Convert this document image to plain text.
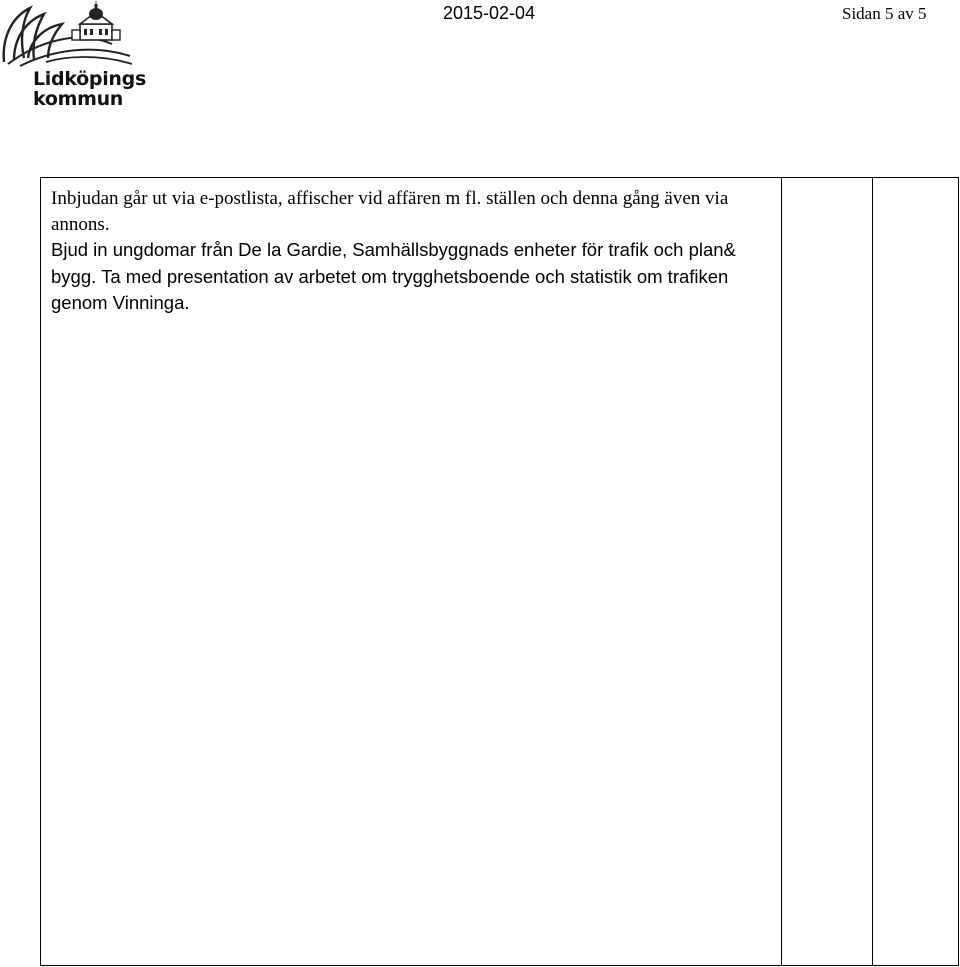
Lidköpings
kommun
2015-02-04	Sidan 5 av 5

Inbjudan går ut via e-postlista, affischer vid affären m fl. ställen och denna gång även via annons.

Bjud in ungdomar från De la Gardie, Samhällsbyggnads enheter för trafik och plan& bygg. Ta med presentation av arbetet om trygghetsboende och statistik om trafiken genom Vinninga.
